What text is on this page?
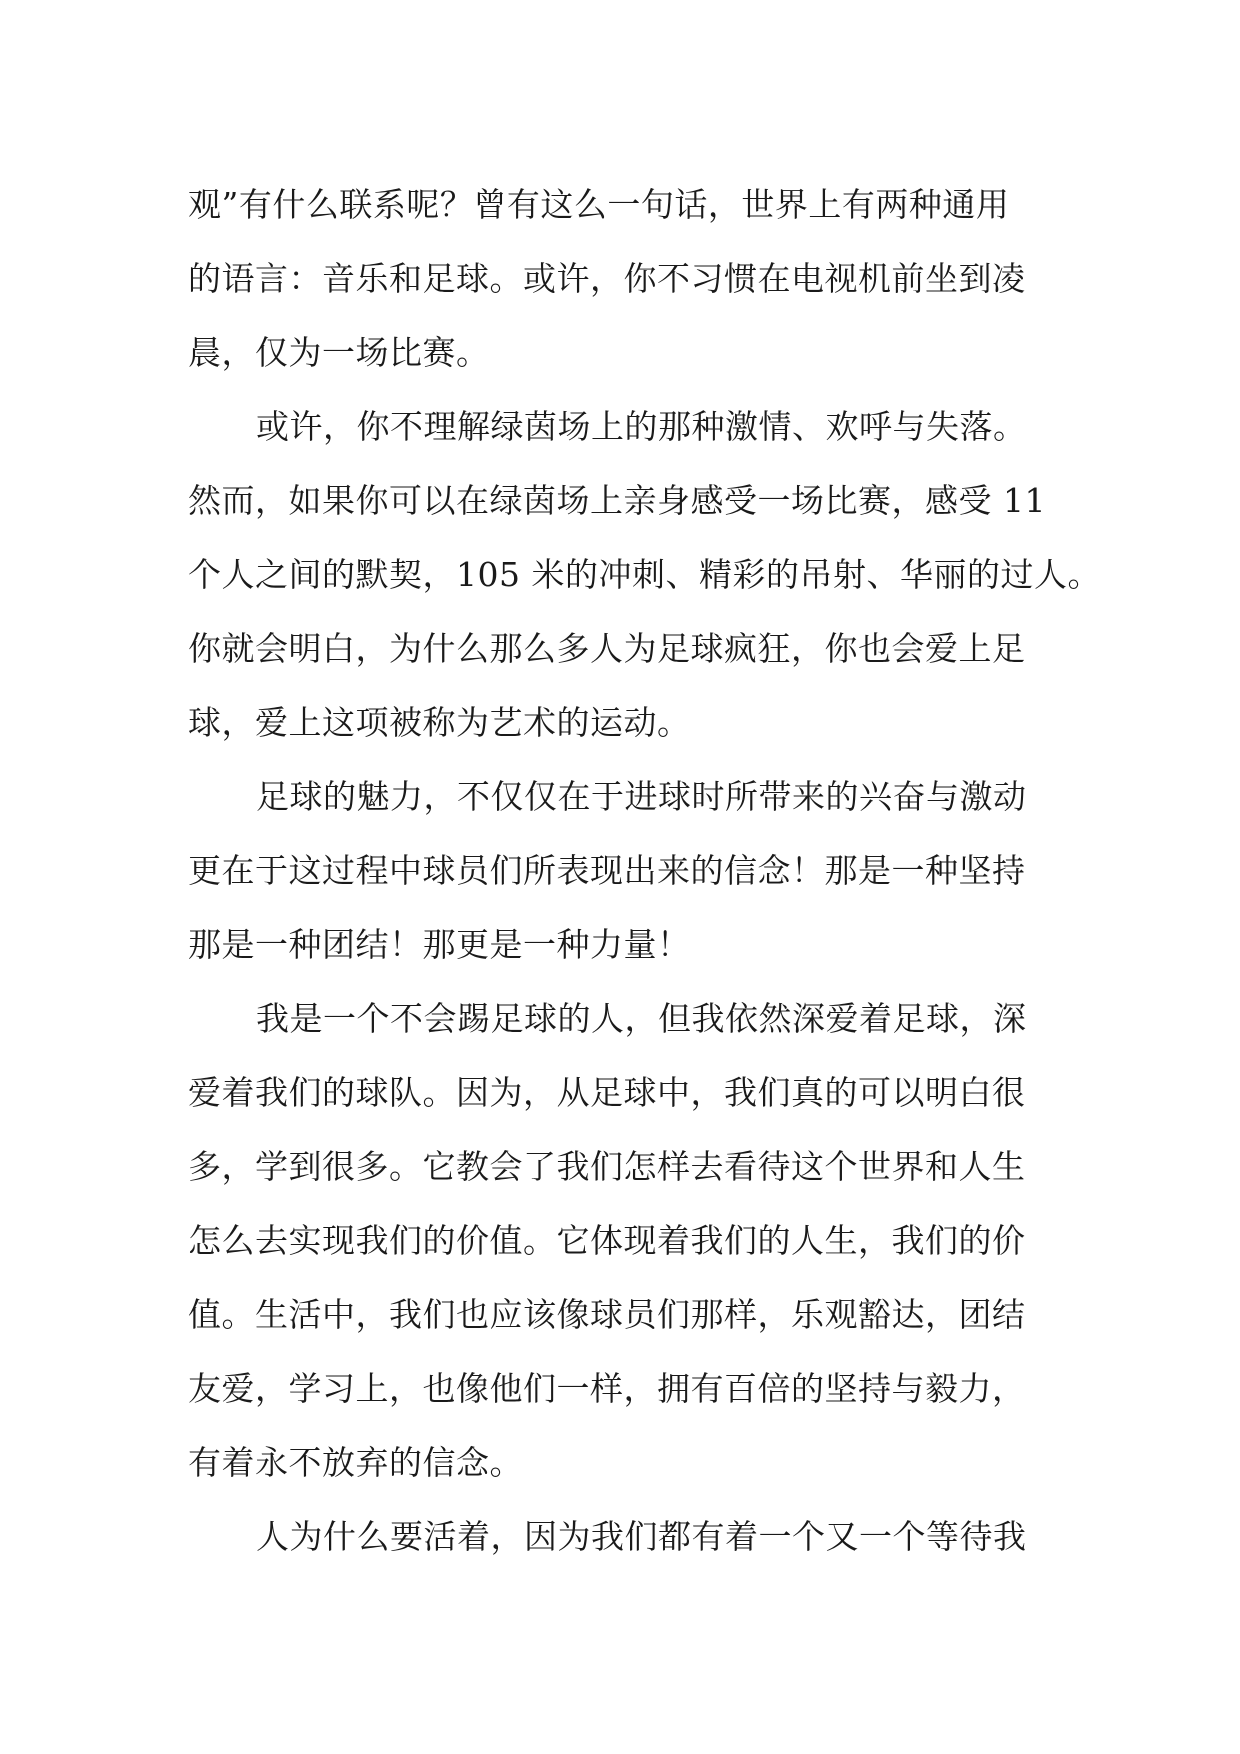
观”有什么联系呢？曾有这么一句话，世界上有两种通用
的语言：音乐和足球。或许，你不习惯在电视机前坐到凌
晨，仅为一场比赛。
或许，你不理解绿茵场上的那种激情、欢呼与失落。
然而，如果你可以在绿茵场上亲身感受一场比赛，感受 11
个人之间的默契，105 米的冲刺、精彩的吊射、华丽的过人。
你就会明白，为什么那么多人为足球疯狂，你也会爱上足
球，爱上这项被称为艺术的运动。
足球的魅力，不仅仅在于进球时所带来的兴奋与激动
更在于这过程中球员们所表现出来的信念！那是一种坚持
那是一种团结！那更是一种力量！
我是一个不会踢足球的人，但我依然深爱着足球，深
爱着我们的球队。因为，从足球中，我们真的可以明白很
多，学到很多。它教会了我们怎样去看待这个世界和人生
怎么去实现我们的价值。它体现着我们的人生，我们的价
值。生活中，我们也应该像球员们那样，乐观豁达，团结
友爱，学习上，也像他们一样，拥有百倍的坚持与毅力，
有着永不放弃的信念。
人为什么要活着，因为我们都有着一个又一个等待我
